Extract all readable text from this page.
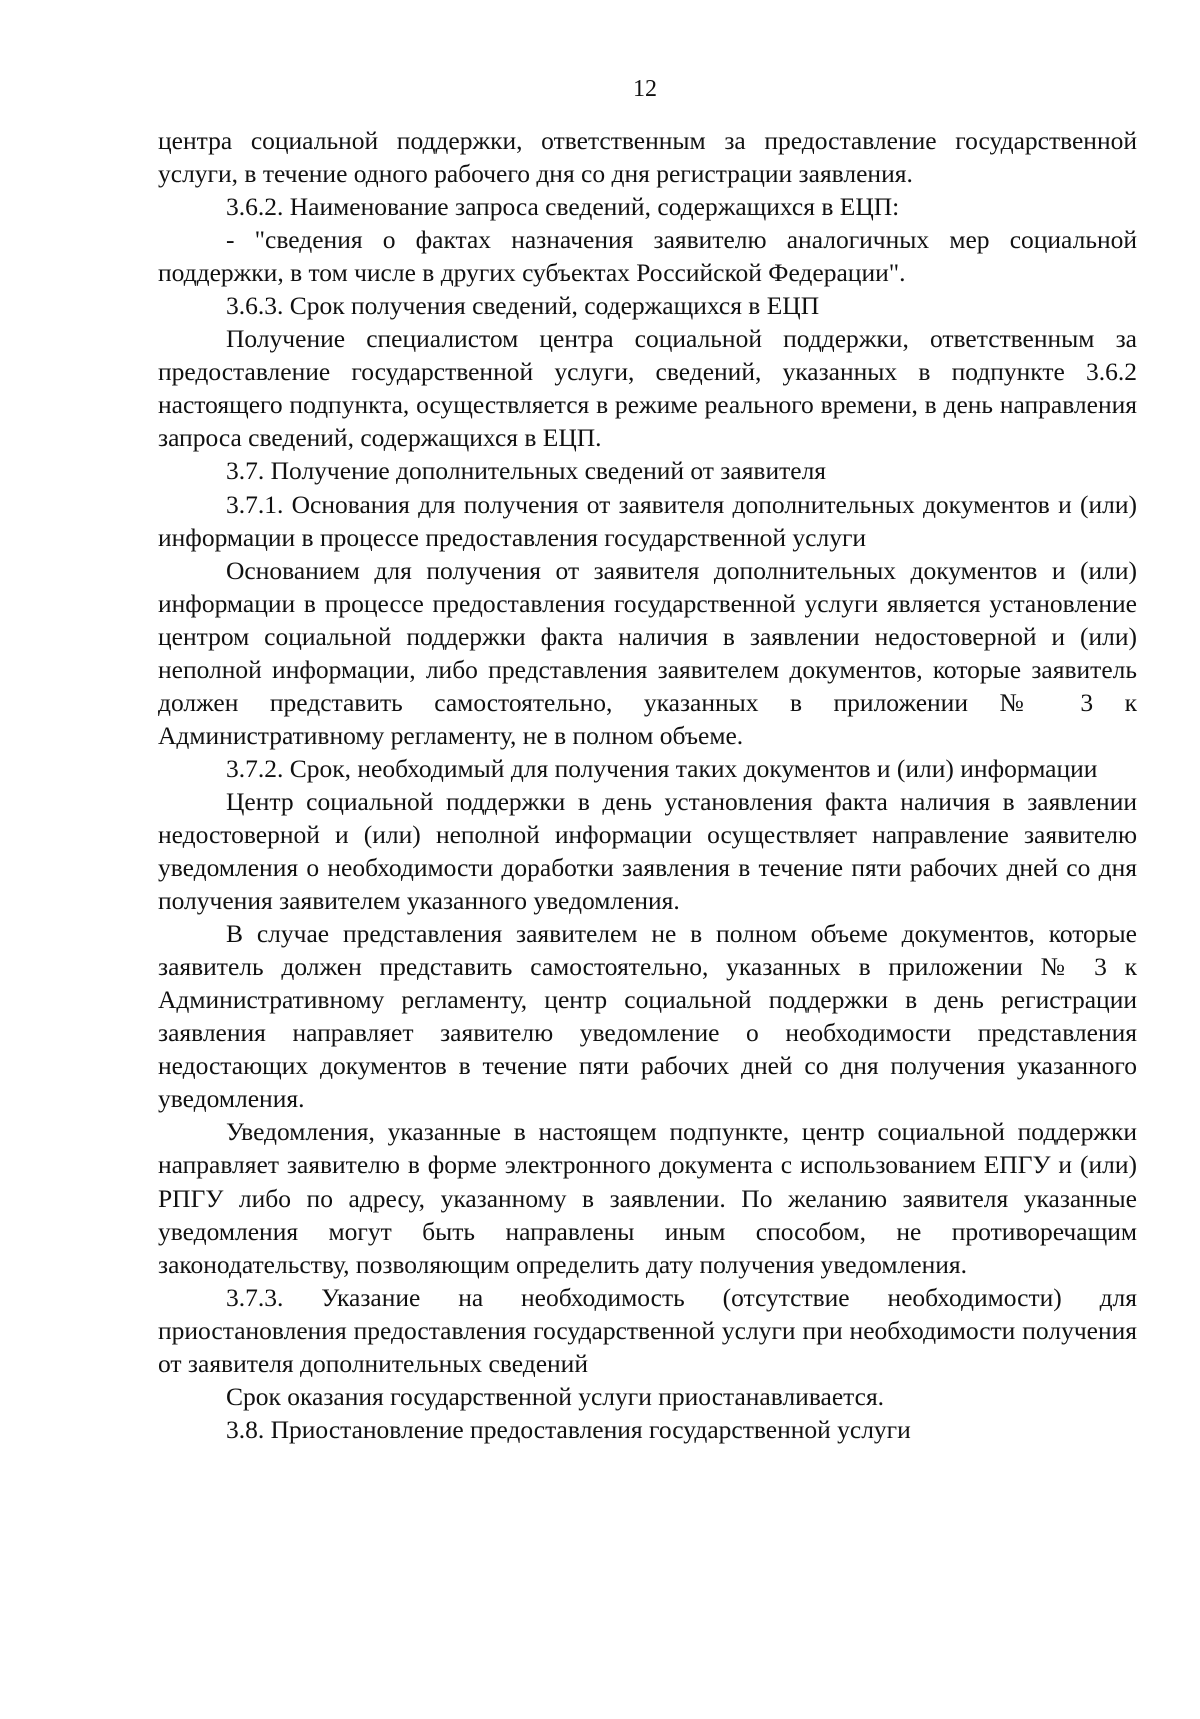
12

центра социальной поддержки, ответственным за предоставление государственной услуги, в течение одного рабочего дня со дня регистрации заявления.

3.6.2. Наименование запроса сведений, содержащихся в ЕЦП:

- "сведения о фактах назначения заявителю аналогичных мер социальной поддержки, в том числе в других субъектах Российской Федерации".

3.6.3. Срок получения сведений, содержащихся в ЕЦП

Получение специалистом центра социальной поддержки, ответственным за предоставление государственной услуги, сведений, указанных в подпункте 3.6.2 настоящего подпункта, осуществляется в режиме реального времени, в день направления запроса сведений, содержащихся в ЕЦП.

3.7. Получение дополнительных сведений от заявителя

3.7.1. Основания для получения от заявителя дополнительных документов и (или) информации в процессе предоставления государственной услуги

Основанием для получения от заявителя дополнительных документов и (или) информации в процессе предоставления государственной услуги является установление центром социальной поддержки факта наличия в заявлении недостоверной и (или) неполной информации, либо представления заявителем документов, которые заявитель должен представить самостоятельно, указанных в приложении № 3 к Административному регламенту, не в полном объеме.

3.7.2. Срок, необходимый для получения таких документов и (или) информации

Центр социальной поддержки в день установления факта наличия в заявлении недостоверной и (или) неполной информации осуществляет направление заявителю уведомления о необходимости доработки заявления в течение пяти рабочих дней со дня получения заявителем указанного уведомления.

В случае представления заявителем не в полном объеме документов, которые заявитель должен представить самостоятельно, указанных в приложении № 3 к Административному регламенту, центр социальной поддержки в день регистрации заявления направляет заявителю уведомление о необходимости представления недостающих документов в течение пяти рабочих дней со дня получения указанного уведомления.

Уведомления, указанные в настоящем подпункте, центр социальной поддержки направляет заявителю в форме электронного документа с использованием ЕПГУ и (или) РПГУ либо по адресу, указанному в заявлении. По желанию заявителя указанные уведомления могут быть направлены иным способом, не противоречащим законодательству, позволяющим определить дату получения уведомления.

3.7.3. Указание на необходимость (отсутствие необходимости) для приостановления предоставления государственной услуги при необходимости получения от заявителя дополнительных сведений

Срок оказания государственной услуги приостанавливается.

3.8. Приостановление предоставления государственной услуги
